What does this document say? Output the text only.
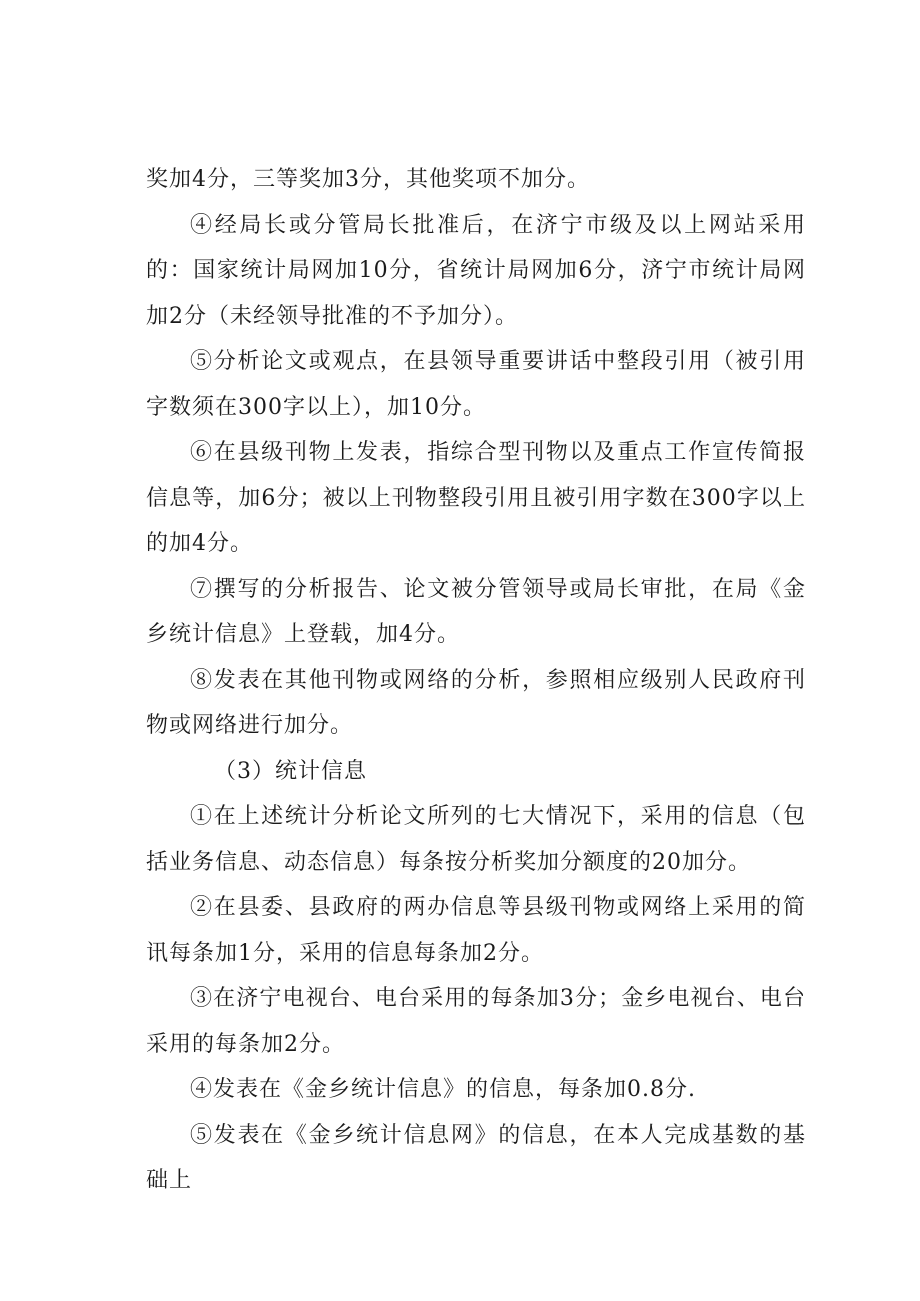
奖加4分，三等奖加3分，其他奖项不加分。

④经局长或分管局长批准后，在济宁市级及以上网站采用的：国家统计局网加10分，省统计局网加6分，济宁市统计局网加2分（未经领导批准的不予加分）。

⑤分析论文或观点，在县领导重要讲话中整段引用（被引用字数须在300字以上），加10分。

⑥在县级刊物上发表，指综合型刊物以及重点工作宣传简报信息等，加6分；被以上刊物整段引用且被引用字数在300字以上的加4分。

⑦撰写的分析报告、论文被分管领导或局长审批，在局《金乡统计信息》上登载，加4分。

⑧发表在其他刊物或网络的分析，参照相应级别人民政府刊物或网络进行加分。

（3）统计信息

①在上述统计分析论文所列的七大情况下，采用的信息（包括业务信息、动态信息）每条按分析奖加分额度的20加分。

②在县委、县政府的两办信息等县级刊物或网络上采用的简讯每条加1分，采用的信息每条加2分。

③在济宁电视台、电台采用的每条加3分；金乡电视台、电台采用的每条加2分。

④发表在《金乡统计信息》的信息，每条加0.8分.

⑤发表在《金乡统计信息网》的信息，在本人完成基数的基础上
